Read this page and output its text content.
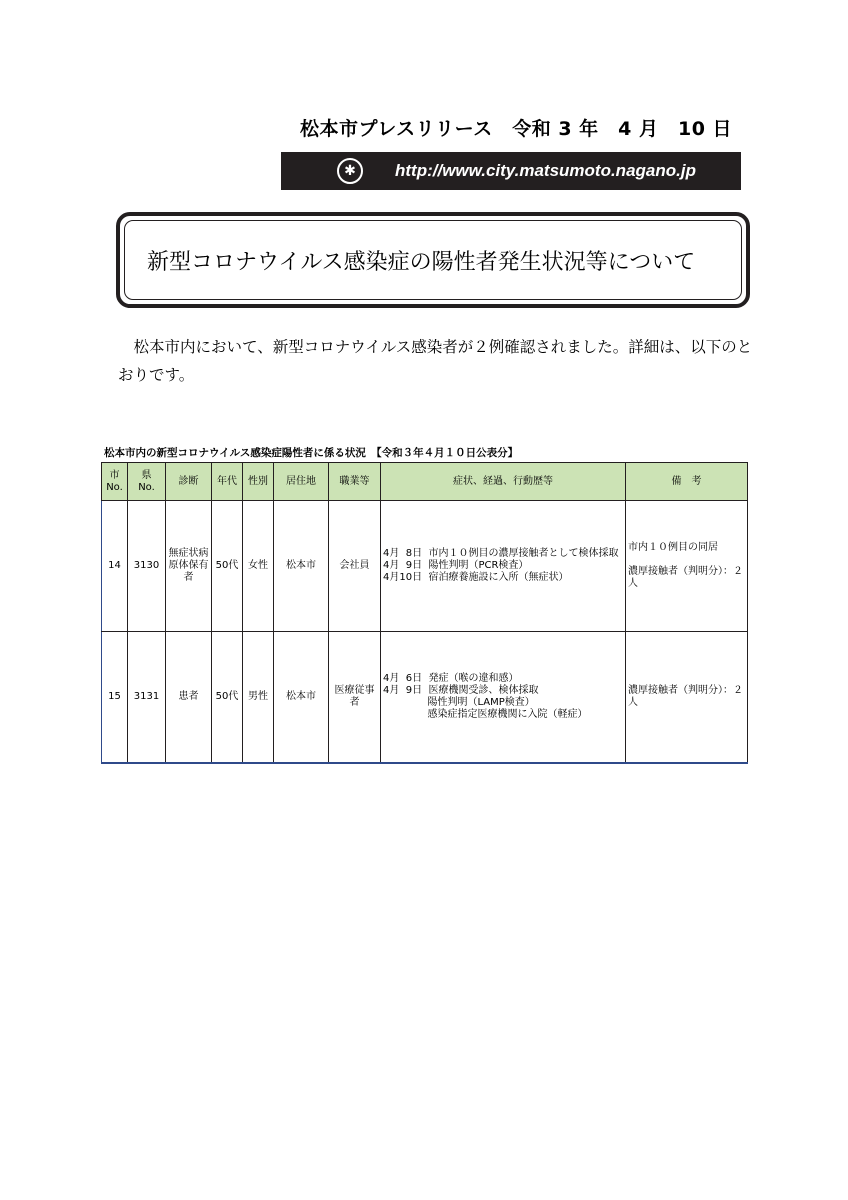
松本市プレスリリース　令和 3 年　4 月　10 日
✱	http://www.city.matsumoto.nagano.jp
新型コロナウイルス感染症の陽性者発生状況等について
　松本市内において、新型コロナウイルス感染者が２例確認されました。詳細は、以下のとおりです。
松本市内の新型コロナウイルス感染症陽性者に係る状況　【令和３年４月１０日公表分】
市
No.	県
No.	診断	年代	性別	居住地	職業等	症状、経過、行動歴等	備　考
14	3130	無症状病
原体保有
者	50代	女性	松本市	会社員	4月  8日  市内１０例目の濃厚接触者として検体採取
4月  9日  陽性判明（PCR検査）
4月10日  宿泊療養施設に入所（無症状）	市内１０例目の同居
濃厚接触者（判明分）：２
人

15	3131	患者	50代	男性	松本市	医療従事
者	4月  6日  発症（喉の違和感）
4月  9日  医療機関受診、検体採取
陽性判明（LAMP検査）
感染症指定医療機関に入院（軽症）	濃厚接触者（判明分）：２
人
